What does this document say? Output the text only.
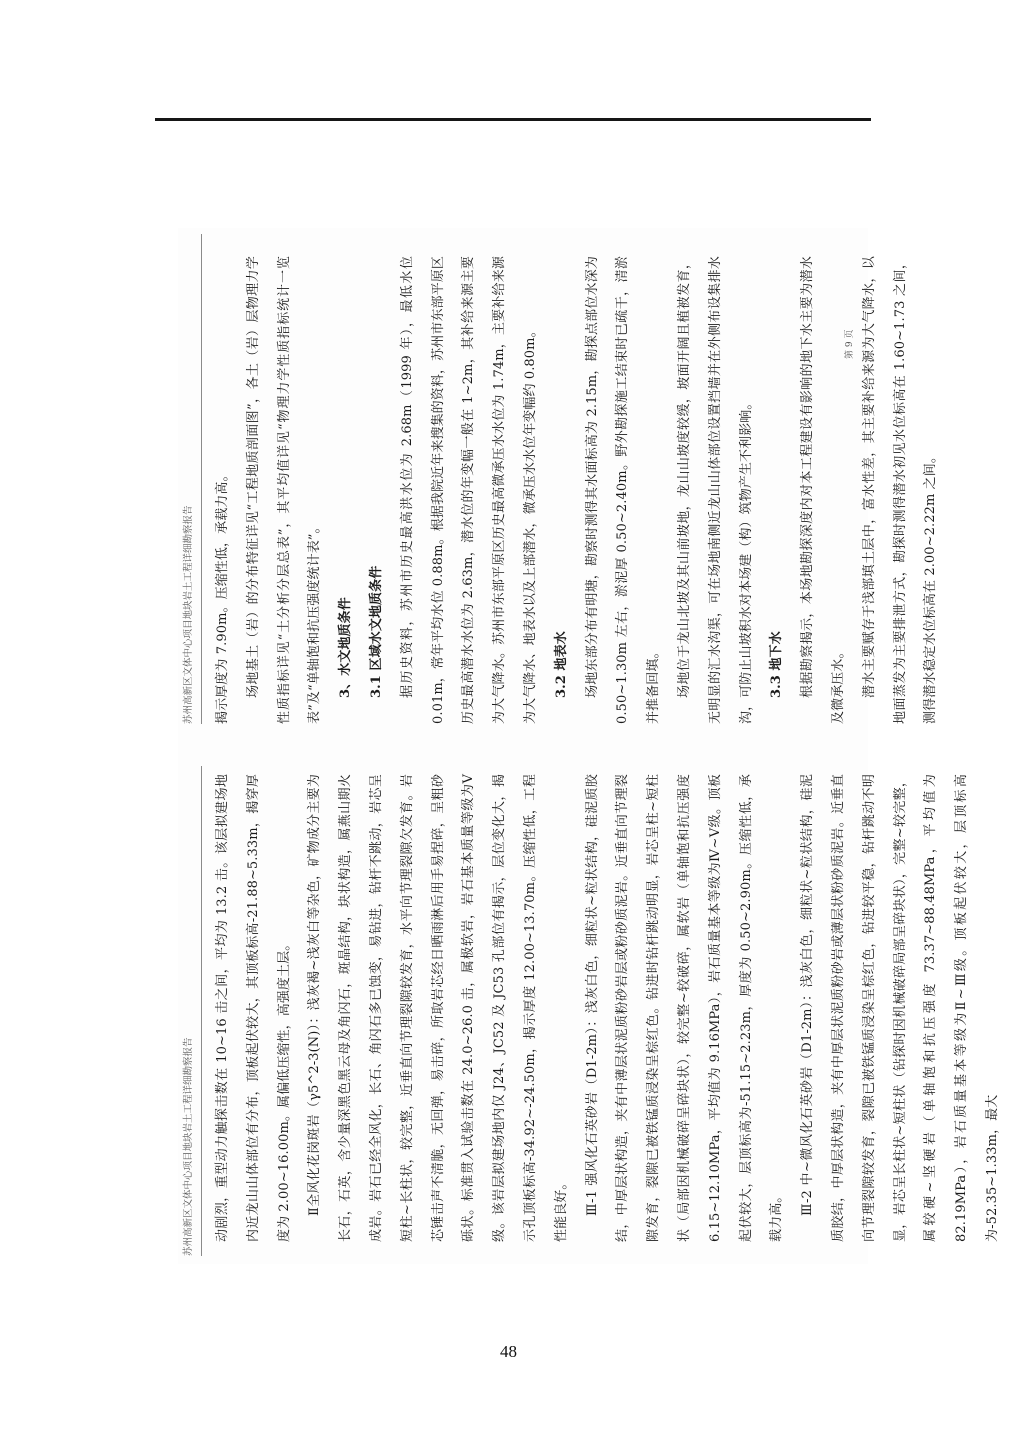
苏州高新区文体中心项目地块岩土工程详细勘察报告
苏州高新区文体中心项目地块岩土工程详细勘察报告

动剧烈，重型动力触探击数在 10~16 击之间，平均为 13.2 击。该层拟建场地内近龙山山体部位有分布，顶板起伏较大，其顶板标高-21.88~5.33m，揭穿厚度为 2.00~16.00m。属偏低压缩性，高强度土层。	Ⅱ全风化花岗斑岩（γ5^2-3(N)）：浅灰褐~浅灰白等杂色，矿物成分主要为长石，石英，含少量深黑色黑云母及角闪石，斑晶结构，块状构造，属燕山期火成岩。岩石已经全风化，长石、角闪石多已蚀变，易钻进，钻杆不跳动，岩芯呈短柱~长柱状，较完整，近垂直向节理裂隙较发育，水平向节理裂隙欠发育。岩芯锤击声不清脆，无回弹，易击碎，所取岩芯经日晒雨淋后用手易捏碎，呈粗砂砾状。标准贯入试验击数在 24.0~26.0 击，属极软岩，岩石基本质量等级为Ⅴ级。该岩层拟建场地内仅 J24、JC52 及 JC53 孔部位有揭示，层位变化大，揭示孔顶板标高-34.92~-24.50m，揭示厚度 12.00~13.70m。压缩性低，工程性能良好。	Ⅲ-1 强风化石英砂岩（D1-2m）：浅灰白色，细粒状~粒状结构，硅泥质胶结，中厚层状构造，夹有中薄层状泥质粉砂岩层或粉砂质泥岩。近垂直向节理裂隙发育，裂隙已被铁锰质浸染呈棕红色。钻进时钻杆跳动明显，岩芯呈柱~短柱状（局部因机械破碎呈碎块状），较完整~较破碎，属软岩（单轴饱和抗压强度 6.15~12.10MPa，平均值为 9.16MPa），岩石质量基本等级为Ⅳ~Ⅴ级。顶板起伏较大，层顶标高为-51.15~2.23m，厚度为 0.50~2.90m。压缩性低，承载力高。	Ⅲ-2 中~微风化石英砂岩（D1-2m）：浅灰白色，细粒状~粒状结构，硅泥质胶结，中厚层状构造，夹有中厚层状泥质粉砂岩或薄层状粉砂质泥岩。近垂直向节理裂隙较发育，裂隙已被铁锰质浸染呈棕红色，钻进较平稳，钻杆跳动不明显，岩芯呈长柱状~短柱状（钻探时因机械破碎局部呈碎块状），完整~较完整，属较硬~坚硬岩（单轴饱和抗压强度 73.37~88.48MPa，平均值为 82.19MPa），岩石质量基本等级为Ⅱ~Ⅲ级。顶板起伏较大，层顶标高为-52.35~1.33m，最大

揭示厚度为 7.90m。压缩性低，承载力高。	场地基土（岩）的分布特征详见“工程地质剖面图”，各土（岩）层物理力学性质指标详见“土分析分层总表”，其平均值详见“物理力学性质指标统计一览表”及“单轴饱和抗压强度统计表”。	3、水文地质条件	3.1 区域水文地质条件	据历史资料，苏州市历史最高洪水位为 2.68m（1999 年），最低水位 0.01m，常年平均水位 0.88m。根据我院近年来搜集的资料，苏州市东部平原区历史最高潜水水位为 2.63m，潜水位的年变幅一般在 1~2m，其补给来源主要为大气降水。苏州市东部平原区历史最高微承压水水位为 1.74m，主要补给来源为大气降水、地表水以及上部潜水，微承压水水位年变幅约 0.80m。	3.2 地表水	场地东部分布有明塘，勘察时测得其水面标高为 2.15m，勘探点部位水深为 0.50~1.30m 左右，淤泥厚 0.50~2.40m。野外勘探施工结束时已疏干，清淤并推备回填。	场地位于龙山北坡及其山前坡地，龙山山坡度较缓，坡面开阔且植被发育，无明显的汇水沟渠，可在场地南侧近龙山山体部位设置挡墙并在外侧布设集排水沟，可防止山坡积水对本场建（构）筑物产生不利影响。	3.3 地下水	根据勘察揭示，本场地勘探深度内对本工程建设有影响的地下水主要为潜水及微承压水。	潜水主要赋存于浅部填土层中，富水性差，其主要补给来源为大气降水，以地面蒸发为主要排泄方式，勘探时测得潜水初见水位标高在 1.60~1.73 之间，测得潜水稳定水位标高在 2.00~2.22m 之间。

第 9 页
48
